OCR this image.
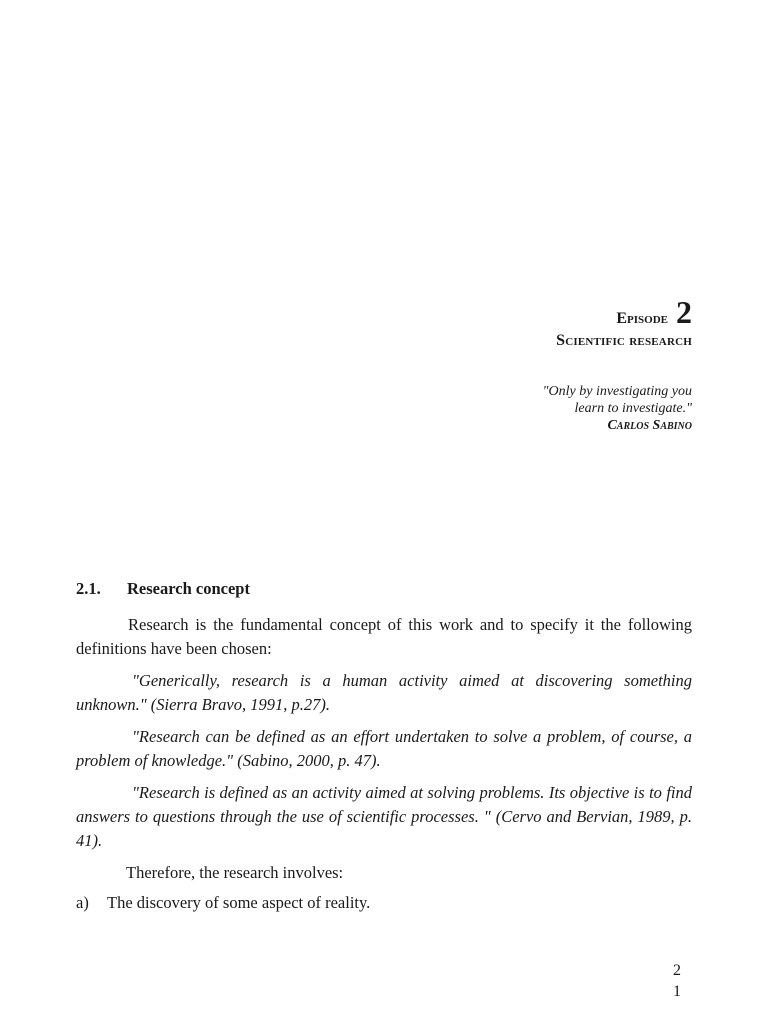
Episode 2
Scientific research
"Only by investigating you
learn to investigate."
Carlos Sabino
2.1. Research concept

Research is the fundamental concept of this work and to specify it the following definitions have been chosen:

"Generically, research is a human activity aimed at discovering something unknown." (Sierra Bravo, 1991, p.27).

"Research can be defined as an effort undertaken to solve a problem, of course, a problem of knowledge." (Sabino, 2000, p. 47).

"Research is defined as an activity aimed at solving problems. Its objective is to find answers to questions through the use of scientific processes. " (Cervo and Bervian, 1989, p. 41).

Therefore, the research involves:

a)	The discovery of some aspect of reality.
2
1
